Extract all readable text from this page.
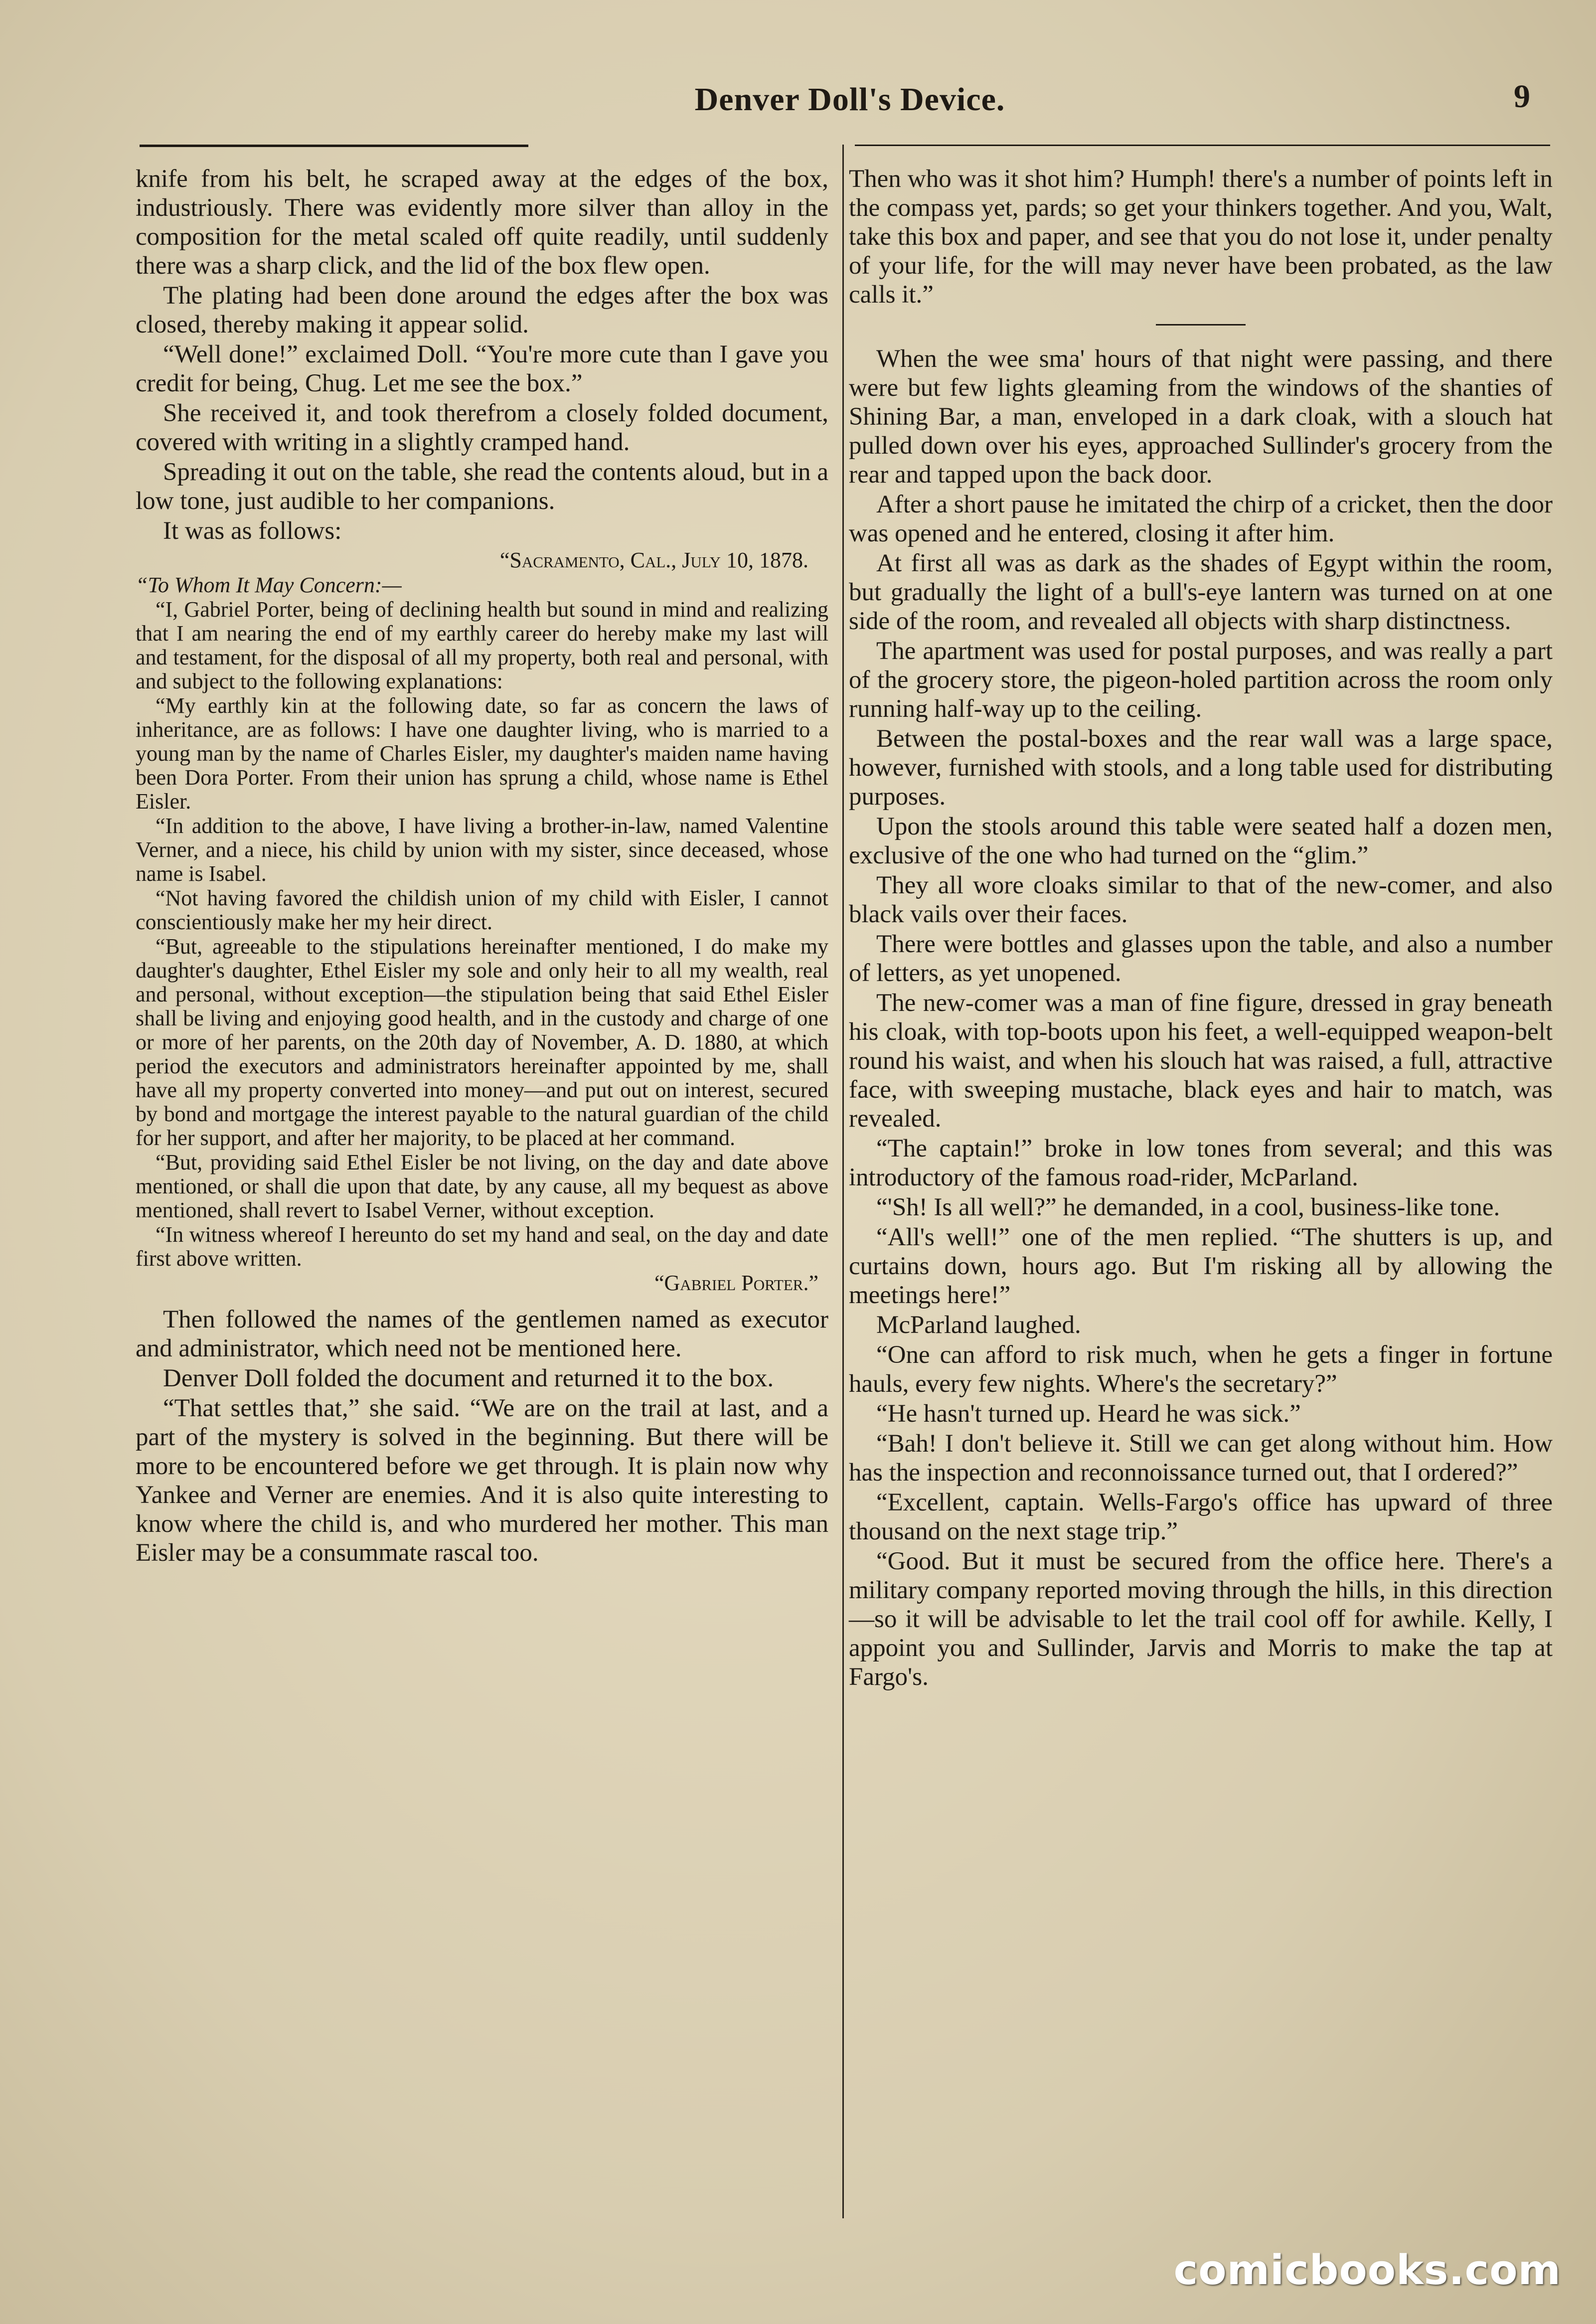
Denver Doll's Device.	9

knife from his belt, he scraped away at the edges of the box, industriously. There was evidently more silver than alloy in the composition for the metal scaled off quite readily, until suddenly there was a sharp click, and the lid of the box flew open.

The plating had been done around the edges after the box was closed, thereby making it appear solid.

“Well done!” exclaimed Doll. “You're more cute than I gave you credit for being, Chug. Let me see the box.”

She received it, and took therefrom a closely folded document, covered with writing in a slightly cramped hand.

Spreading it out on the table, she read the contents aloud, but in a low tone, just audible to her companions.

It was as follows:

“Sacramento, Cal., July 10, 1878.

“To Whom It May Concern:—

“I, Gabriel Porter, being of declining health but sound in mind and realizing that I am nearing the end of my earthly career do hereby make my last will and testament, for the disposal of all my property, both real and personal, with and subject to the following explanations:

“My earthly kin at the following date, so far as concern the laws of inheritance, are as follows: I have one daughter living, who is married to a young man by the name of Charles Eisler, my daughter's maiden name having been Dora Porter. From their union has sprung a child, whose name is Ethel Eisler.

“In addition to the above, I have living a brother-in-law, named Valentine Verner, and a niece, his child by union with my sister, since deceased, whose name is Isabel.

“Not having favored the childish union of my child with Eisler, I cannot conscientiously make her my heir direct.

“But, agreeable to the stipulations hereinafter mentioned, I do make my daughter's daughter, Ethel Eisler my sole and only heir to all my wealth, real and personal, without exception—the stipulation being that said Ethel Eisler shall be living and enjoying good health, and in the custody and charge of one or more of her parents, on the 20th day of November, A. D. 1880, at which period the executors and administrators hereinafter appointed by me, shall have all my property converted into money—and put out on interest, secured by bond and mortgage the interest payable to the natural guardian of the child for her support, and after her majority, to be placed at her command.

“But, providing said Ethel Eisler be not living, on the day and date above mentioned, or shall die upon that date, by any cause, all my bequest as above mentioned, shall revert to Isabel Verner, without exception.

“In witness whereof I hereunto do set my hand and seal, on the day and date first above written.

“Gabriel Porter.”

Then followed the names of the gentlemen named as executor and administrator, which need not be mentioned here.

Denver Doll folded the document and returned it to the box.

“That settles that,” she said. “We are on the trail at last, and a part of the mystery is solved in the beginning. But there will be more to be encountered before we get through. It is plain now why Yankee and Verner are enemies. And it is also quite interesting to know where the child is, and who murdered her mother. This man Eisler may be a consummate rascal too.

Then who was it shot him? Humph! there's a number of points left in the compass yet, pards; so get your thinkers together. And you, Walt, take this box and paper, and see that you do not lose it, under penalty of your life, for the will may never have been probated, as the law calls it.”

When the wee sma' hours of that night were passing, and there were but few lights gleaming from the windows of the shanties of Shining Bar, a man, enveloped in a dark cloak, with a slouch hat pulled down over his eyes, approached Sullinder's grocery from the rear and tapped upon the back door.

After a short pause he imitated the chirp of a cricket, then the door was opened and he entered, closing it after him.

At first all was as dark as the shades of Egypt within the room, but gradually the light of a bull's-eye lantern was turned on at one side of the room, and revealed all objects with sharp distinctness.

The apartment was used for postal purposes, and was really a part of the grocery store, the pigeon-holed partition across the room only running half-way up to the ceiling.

Between the postal-boxes and the rear wall was a large space, however, furnished with stools, and a long table used for distributing purposes.

Upon the stools around this table were seated half a dozen men, exclusive of the one who had turned on the “glim.”

They all wore cloaks similar to that of the new-comer, and also black vails over their faces.

There were bottles and glasses upon the table, and also a number of letters, as yet unopened.

The new-comer was a man of fine figure, dressed in gray beneath his cloak, with top-boots upon his feet, a well-equipped weapon-belt round his waist, and when his slouch hat was raised, a full, attractive face, with sweeping mustache, black eyes and hair to match, was revealed.

“The captain!” broke in low tones from several; and this was introductory of the famous road-rider, McParland.

“'Sh! Is all well?” he demanded, in a cool, business-like tone.

“All's well!” one of the men replied. “The shutters is up, and curtains down, hours ago. But I'm risking all by allowing the meetings here!”

McParland laughed.

“One can afford to risk much, when he gets a finger in fortune hauls, every few nights. Where's the secretary?”

“He hasn't turned up. Heard he was sick.”

“Bah! I don't believe it. Still we can get along without him. How has the inspection and reconnoissance turned out, that I ordered?”

“Excellent, captain. Wells-Fargo's office has upward of three thousand on the next stage trip.”

“Good. But it must be secured from the office here. There's a military company reported moving through the hills, in this direction—so it will be advisable to let the trail cool off for awhile. Kelly, I appoint you and Sullinder, Jarvis and Morris to make the tap at Fargo's.

comicbooks.com
